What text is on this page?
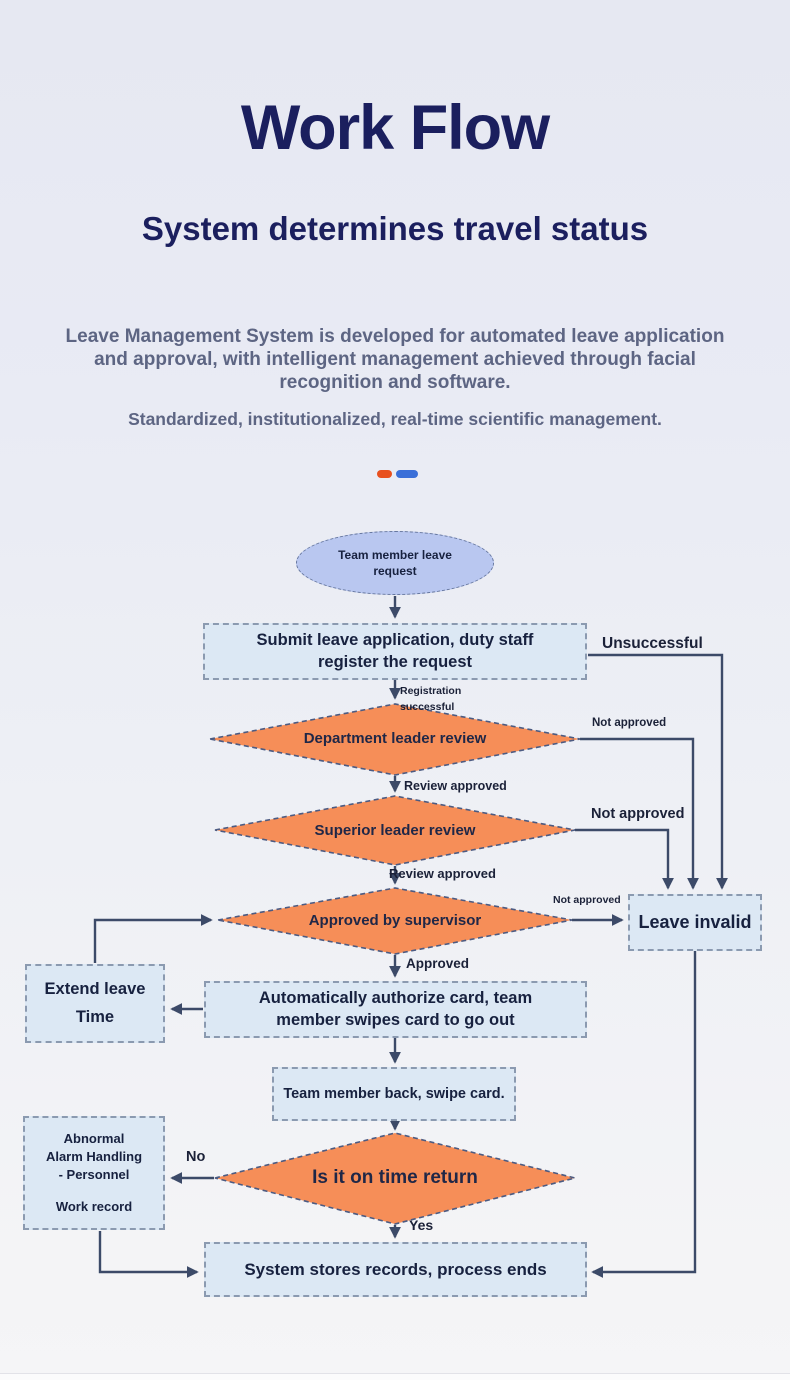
Work Flow
System determines travel status

Leave Management System is developed for automated leave application and approval, with intelligent management achieved through facial recognition and software.

Standardized, institutionalized, real-time scientific management.

Team member leave request
Submit leave application, duty staff register the request
Department leader review
Superior leader review
Approved by supervisor	Leave invalid
Extend leave
Time
Automatically authorize card, team member swipes card to go out
Team member back, swipe card.
Is it on time return
Abnormal
Alarm Handling
- Personnel
Work record
System stores records, process ends
Unsuccessful
Registration successful
Not approved
Review approved
Not approved
Review approved
Not approved
Approved
No
Yes
